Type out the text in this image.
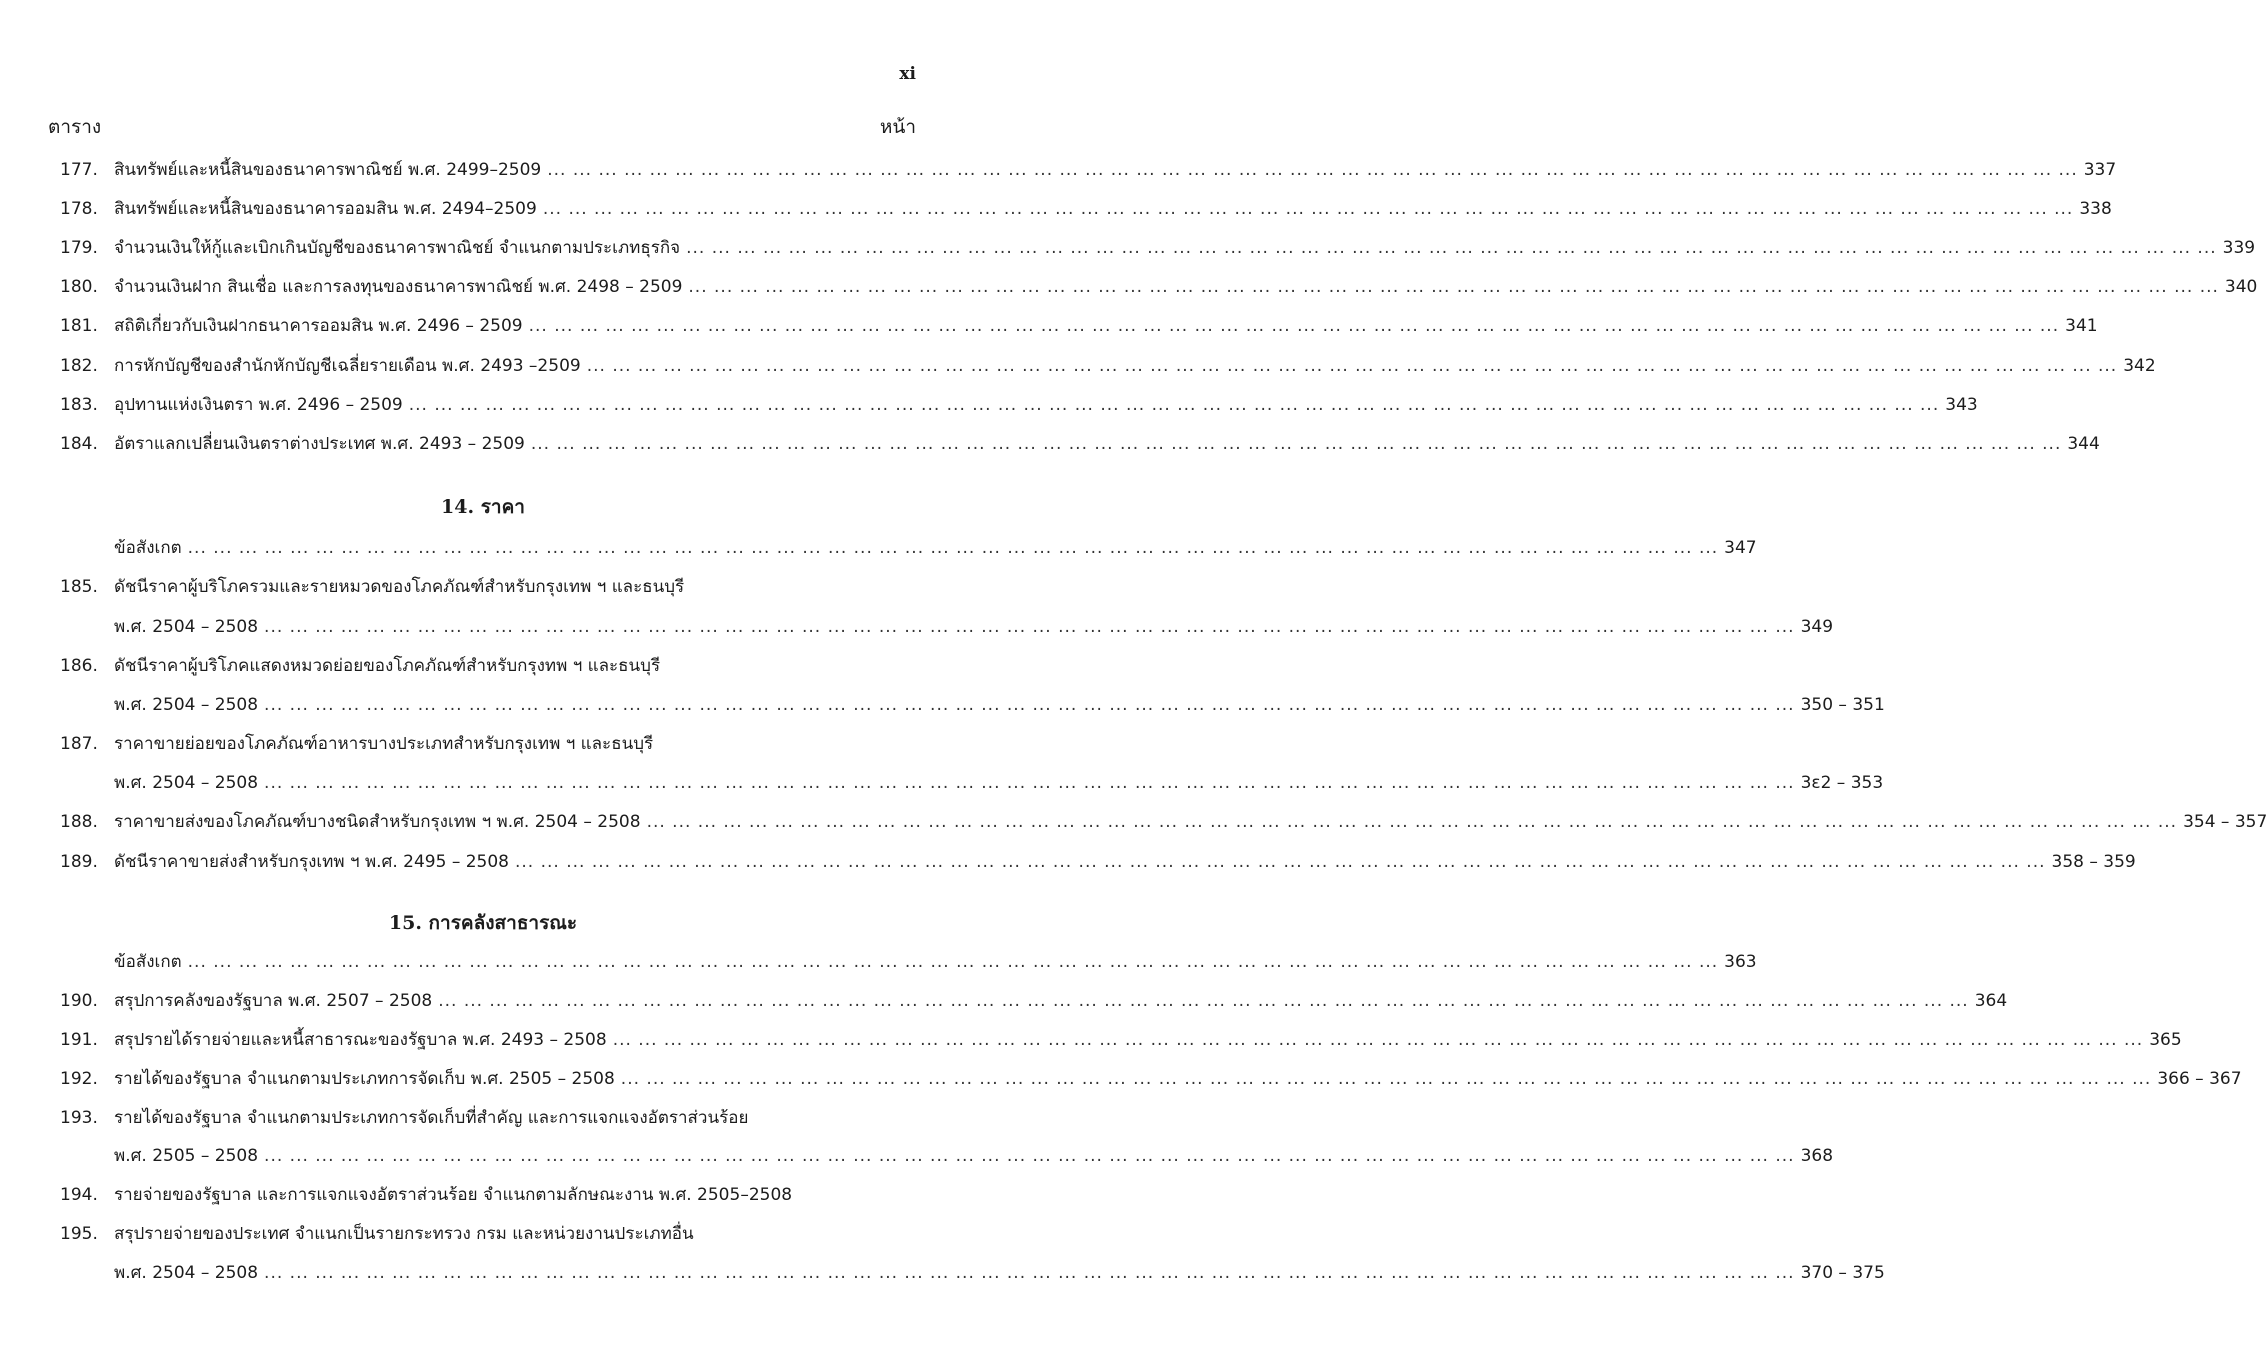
xi
ตาราง	หน้า
14. ราคา
15. การคลังสาธารณะ
177. สินทรัพย์และหนี้สินของธนาคารพาณิชย์ พ.ศ. 2499–2509 ... ... ... ... ... ... ... ... ... ... ... ... ... ... ... ... ... ... ... ... ... ... ... ... ... ... ... ... ... ... ... ... ... ... ... ... ... ... ... ... ... ... ... ... ... ... ... ... ... ... ... ... ... ... ... ... ... ... ... ... 337
178. สินทรัพย์และหนี้สินของธนาคารออมสิน พ.ศ. 2494–2509 ... ... ... ... ... ... ... ... ... ... ... ... ... ... ... ... ... ... ... ... ... ... ... ... ... ... ... ... ... ... ... ... ... ... ... ... ... ... ... ... ... ... ... ... ... ... ... ... ... ... ... ... ... ... ... ... ... ... ... ... 338
179. จำนวนเงินให้กู้และเบิกเกินบัญชีของธนาคารพาณิชย์ จำแนกตามประเภทธุรกิจ ... ... ... ... ... ... ... ... ... ... ... ... ... ... ... ... ... ... ... ... ... ... ... ... ... ... ... ... ... ... ... ... ... ... ... ... ... ... ... ... ... ... ... ... ... ... ... ... ... ... ... ... ... ... ... ... ... ... ... ... 339
180. จำนวนเงินฝาก สินเชื่อ และการลงทุนของธนาคารพาณิชย์ พ.ศ. 2498 – 2509 ... ... ... ... ... ... ... ... ... ... ... ... ... ... ... ... ... ... ... ... ... ... ... ... ... ... ... ... ... ... ... ... ... ... ... ... ... ... ... ... ... ... ... ... ... ... ... ... ... ... ... ... ... ... ... ... ... ... ... ... 340
181. สถิติเกี่ยวกับเงินฝากธนาคารออมสิน พ.ศ. 2496 – 2509 ... ... ... ... ... ... ... ... ... ... ... ... ... ... ... ... ... ... ... ... ... ... ... ... ... ... ... ... ... ... ... ... ... ... ... ... ... ... ... ... ... ... ... ... ... ... ... ... ... ... ... ... ... ... ... ... ... ... ... ... 341
182. การหักบัญชีของสำนักหักบัญชีเฉลี่ยรายเดือน พ.ศ. 2493 –2509 ... ... ... ... ... ... ... ... ... ... ... ... ... ... ... ... ... ... ... ... ... ... ... ... ... ... ... ... ... ... ... ... ... ... ... ... ... ... ... ... ... ... ... ... ... ... ... ... ... ... ... ... ... ... ... ... ... ... ... ... 342
183. อุปทานแห่งเงินตรา พ.ศ. 2496 – 2509 ... ... ... ... ... ... ... ... ... ... ... ... ... ... ... ... ... ... ... ... ... ... ... ... ... ... ... ... ... ... ... ... ... ... ... ... ... ... ... ... ... ... ... ... ... ... ... ... ... ... ... ... ... ... ... ... ... ... ... ... 343
184. อัตราแลกเปลี่ยนเงินตราต่างประเทศ พ.ศ. 2493 – 2509 ... ... ... ... ... ... ... ... ... ... ... ... ... ... ... ... ... ... ... ... ... ... ... ... ... ... ... ... ... ... ... ... ... ... ... ... ... ... ... ... ... ... ... ... ... ... ... ... ... ... ... ... ... ... ... ... ... ... ... ... 344
ข้อสังเกต ... ... ... ... ... ... ... ... ... ... ... ... ... ... ... ... ... ... ... ... ... ... ... ... ... ... ... ... ... ... ... ... ... ... ... ... ... ... ... ... ... ... ... ... ... ... ... ... ... ... ... ... ... ... ... ... ... ... ... ... 347
185. ดัชนีราคาผู้บริโภครวมและรายหมวดของโภคภัณฑ์สำหรับกรุงเทพ ฯ และธนบุรี
พ.ศ. 2504 – 2508 ... ... ... ... ... ... ... ... ... ... ... ... ... ... ... ... ... ... ... ... ... ... ... ... ... ... ... ... ... ... ... ... ... ... ... ... ... ... ... ... ... ... ... ... ... ... ... ... ... ... ... ... ... ... ... ... ... ... ... ... 349
186. ดัชนีราคาผู้บริโภคแสดงหมวดย่อยของโภคภัณฑ์สำหรับกรุงทพ ฯ และธนบุรี
พ.ศ. 2504 – 2508 ... ... ... ... ... ... ... ... ... ... ... ... ... ... ... ... ... ... ... ... ... ... ... ... ... ... ... ... ... ... ... ... ... ... ... ... ... ... ... ... ... ... ... ... ... ... ... ... ... ... ... ... ... ... ... ... ... ... ... ... 350 – 351
187. ราคาขายย่อยของโภคภัณฑ์อาหารบางประเภทสำหรับกรุงเทพ ฯ และธนบุรี
พ.ศ. 2504 – 2508 ... ... ... ... ... ... ... ... ... ... ... ... ... ... ... ... ... ... ... ... ... ... ... ... ... ... ... ... ... ... ... ... ... ... ... ... ... ... ... ... ... ... ... ... ... ... ... ... ... ... ... ... ... ... ... ... ... ... ... ... 3ɛ2 – 353
188. ราคาขายส่งของโภคภัณฑ์บางชนิดสำหรับกรุงเทพ ฯ พ.ศ. 2504 – 2508 ... ... ... ... ... ... ... ... ... ... ... ... ... ... ... ... ... ... ... ... ... ... ... ... ... ... ... ... ... ... ... ... ... ... ... ... ... ... ... ... ... ... ... ... ... ... ... ... ... ... ... ... ... ... ... ... ... ... ... ... 354 – 357
189. ดัชนีราคาขายส่งสำหรับกรุงเทพ ฯ พ.ศ. 2495 – 2508 ... ... ... ... ... ... ... ... ... ... ... ... ... ... ... ... ... ... ... ... ... ... ... ... ... ... ... ... ... ... ... ... ... ... ... ... ... ... ... ... ... ... ... ... ... ... ... ... ... ... ... ... ... ... ... ... ... ... ... ... 358 – 359
ข้อสังเกต ... ... ... ... ... ... ... ... ... ... ... ... ... ... ... ... ... ... ... ... ... ... ... ... ... ... ... ... ... ... ... ... ... ... ... ... ... ... ... ... ... ... ... ... ... ... ... ... ... ... ... ... ... ... ... ... ... ... ... ... 363
190. สรุปการคลังของรัฐบาล พ.ศ. 2507 – 2508 ... ... ... ... ... ... ... ... ... ... ... ... ... ... ... ... ... ... ... ... ... ... ... ... ... ... ... ... ... ... ... ... ... ... ... ... ... ... ... ... ... ... ... ... ... ... ... ... ... ... ... ... ... ... ... ... ... ... ... ... 364
191. สรุปรายได้รายจ่ายและหนี้สาธารณะของรัฐบาล พ.ศ. 2493 – 2508 ... ... ... ... ... ... ... ... ... ... ... ... ... ... ... ... ... ... ... ... ... ... ... ... ... ... ... ... ... ... ... ... ... ... ... ... ... ... ... ... ... ... ... ... ... ... ... ... ... ... ... ... ... ... ... ... ... ... ... ... 365
192. รายได้ของรัฐบาล จำแนกตามประเภทการจัดเก็บ พ.ศ. 2505 – 2508 ... ... ... ... ... ... ... ... ... ... ... ... ... ... ... ... ... ... ... ... ... ... ... ... ... ... ... ... ... ... ... ... ... ... ... ... ... ... ... ... ... ... ... ... ... ... ... ... ... ... ... ... ... ... ... ... ... ... ... ... 366 – 367
193. รายได้ของรัฐบาล จำแนกตามประเภทการจัดเก็บที่สำคัญ และการแจกแจงอัตราส่วนร้อย
พ.ศ. 2505 – 2508 ... ... ... ... ... ... ... ... ... ... ... ... ... ... ... ... ... ... ... ... ... ... ... ... ... ... ... ... ... ... ... ... ... ... ... ... ... ... ... ... ... ... ... ... ... ... ... ... ... ... ... ... ... ... ... ... ... ... ... ... 368
194. รายจ่ายของรัฐบาล และการแจกแจงอัตราส่วนร้อย จำแนกตามลักษณะงาน พ.ศ. 2505–2508
195. สรุปรายจ่ายของประเทศ จำแนกเป็นรายกระทรวง กรม และหน่วยงานประเภทอื่น
พ.ศ. 2504 – 2508 ... ... ... ... ... ... ... ... ... ... ... ... ... ... ... ... ... ... ... ... ... ... ... ... ... ... ... ... ... ... ... ... ... ... ... ... ... ... ... ... ... ... ... ... ... ... ... ... ... ... ... ... ... ... ... ... ... ... ... ... 370 – 375
